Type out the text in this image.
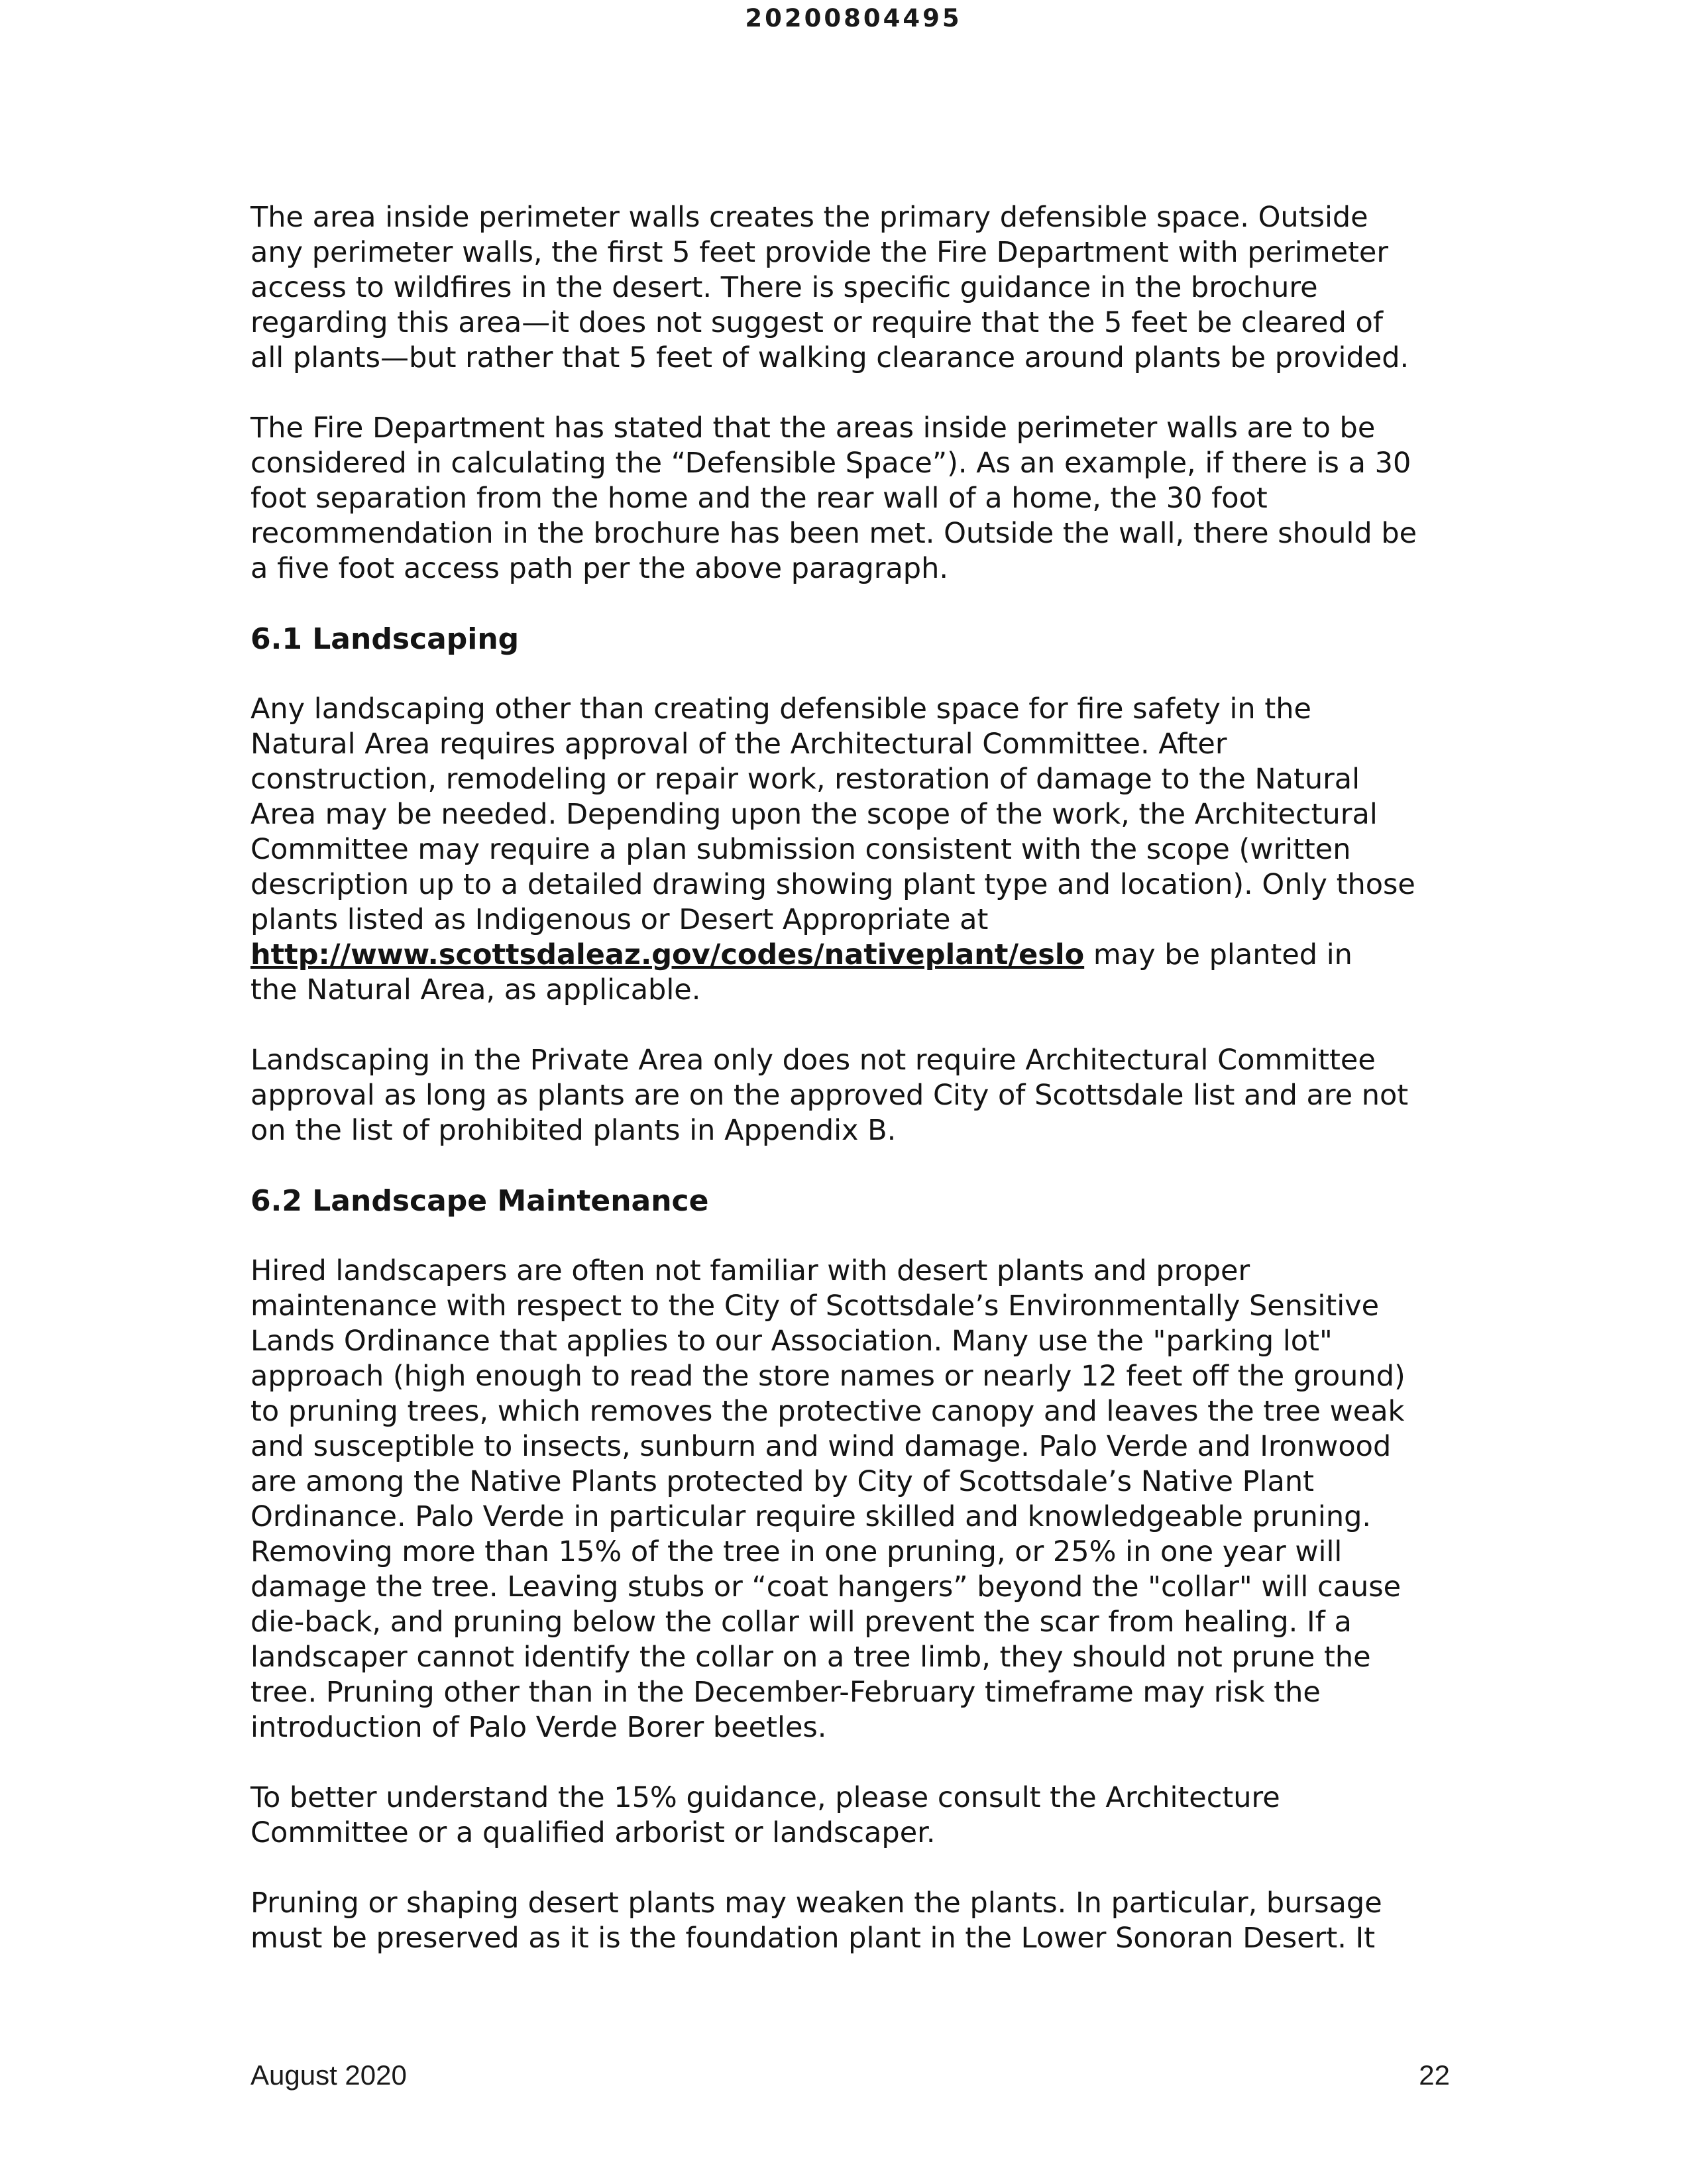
20200804495

The area inside perimeter walls creates the primary defensible space. Outside
any perimeter walls, the first 5 feet provide the Fire Department with perimeter
access to wildfires in the desert. There is specific guidance in the brochure
regarding this area—it does not suggest or require that the 5 feet be cleared of
all plants—but rather that 5 feet of walking clearance around plants be provided.

The Fire Department has stated that the areas inside perimeter walls are to be
considered in calculating the “Defensible Space”). As an example, if there is a 30
foot separation from the home and the rear wall of a home, the 30 foot
recommendation in the brochure has been met. Outside the wall, there should be
a five foot access path per the above paragraph.

6.1 Landscaping

Any landscaping other than creating defensible space for fire safety in the
Natural Area requires approval of the Architectural Committee. After
construction, remodeling or repair work, restoration of damage to the Natural
Area may be needed. Depending upon the scope of the work, the Architectural
Committee may require a plan submission consistent with the scope (written
description up to a detailed drawing showing plant type and location). Only those
plants listed as Indigenous or Desert Appropriate at
http://www.scottsdaleaz.gov/codes/nativeplant/eslo may be planted in
the Natural Area, as applicable.

Landscaping in the Private Area only does not require Architectural Committee
approval as long as plants are on the approved City of Scottsdale list and are not
on the list of prohibited plants in Appendix B.

6.2 Landscape Maintenance

Hired landscapers are often not familiar with desert plants and proper
maintenance with respect to the City of Scottsdale’s Environmentally Sensitive
Lands Ordinance that applies to our Association. Many use the "parking lot"
approach (high enough to read the store names or nearly 12 feet off the ground)
to pruning trees, which removes the protective canopy and leaves the tree weak
and susceptible to insects, sunburn and wind damage. Palo Verde and Ironwood
are among the Native Plants protected by City of Scottsdale’s Native Plant
Ordinance. Palo Verde in particular require skilled and knowledgeable pruning.
Removing more than 15% of the tree in one pruning, or 25% in one year will
damage the tree. Leaving stubs or “coat hangers” beyond the "collar" will cause
die-back, and pruning below the collar will prevent the scar from healing. If a
landscaper cannot identify the collar on a tree limb, they should not prune the
tree. Pruning other than in the December-February timeframe may risk the
introduction of Palo Verde Borer beetles.

To better understand the 15% guidance, please consult the Architecture
Committee or a qualified arborist or landscaper.

Pruning or shaping desert plants may weaken the plants. In particular, bursage
must be preserved as it is the foundation plant in the Lower Sonoran Desert. It

August 2020	22
